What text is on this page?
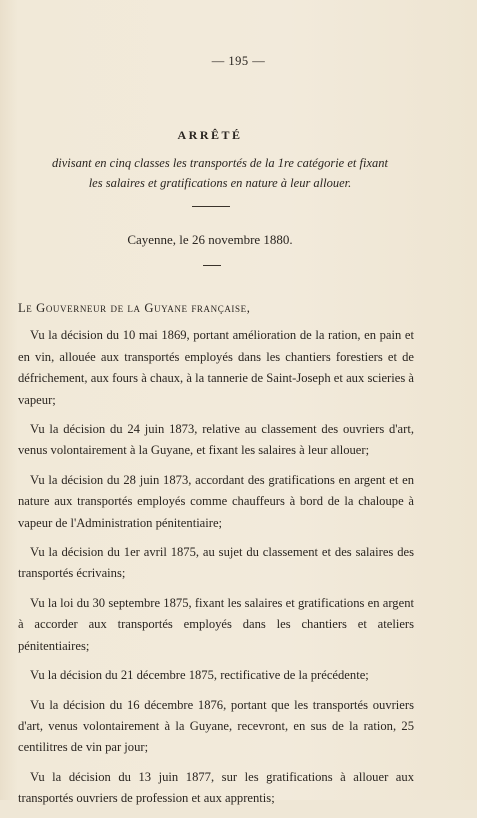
— 195 —
ARRÊTÉ
divisant en cinq classes les transportés de la 1re catégorie et fixant
les salaires et gratifications en nature à leur allouer.
Cayenne, le 26 novembre 1880.

Le Gouverneur de la Guyane française,

Vu la décision du 10 mai 1869, portant amélioration de la ration, en pain et en vin, allouée aux transportés employés dans les chantiers forestiers et de défrichement, aux fours à chaux, à la tannerie de Saint-Joseph et aux scieries à vapeur;

Vu la décision du 24 juin 1873, relative au classement des ouvriers d'art, venus volontairement à la Guyane, et fixant les salaires à leur allouer;

Vu la décision du 28 juin 1873, accordant des gratifications en argent et en nature aux transportés employés comme chauffeurs à bord de la chaloupe à vapeur de l'Administration pénitentiaire;

Vu la décision du 1er avril 1875, au sujet du classement et des salaires des transportés écrivains;

Vu la loi du 30 septembre 1875, fixant les salaires et gratifications en argent à accorder aux transportés employés dans les chantiers et ateliers pénitentiaires;

Vu la décision du 21 décembre 1875, rectificative de la précédente;

Vu la décision du 16 décembre 1876, portant que les transportés ouvriers d'art, venus volontairement à la Guyane, recevront, en sus de la ration, 25 centilitres de vin par jour;

Vu la décision du 13 juin 1877, sur les gratifications à allouer aux transportés ouvriers de profession et aux apprentis;
